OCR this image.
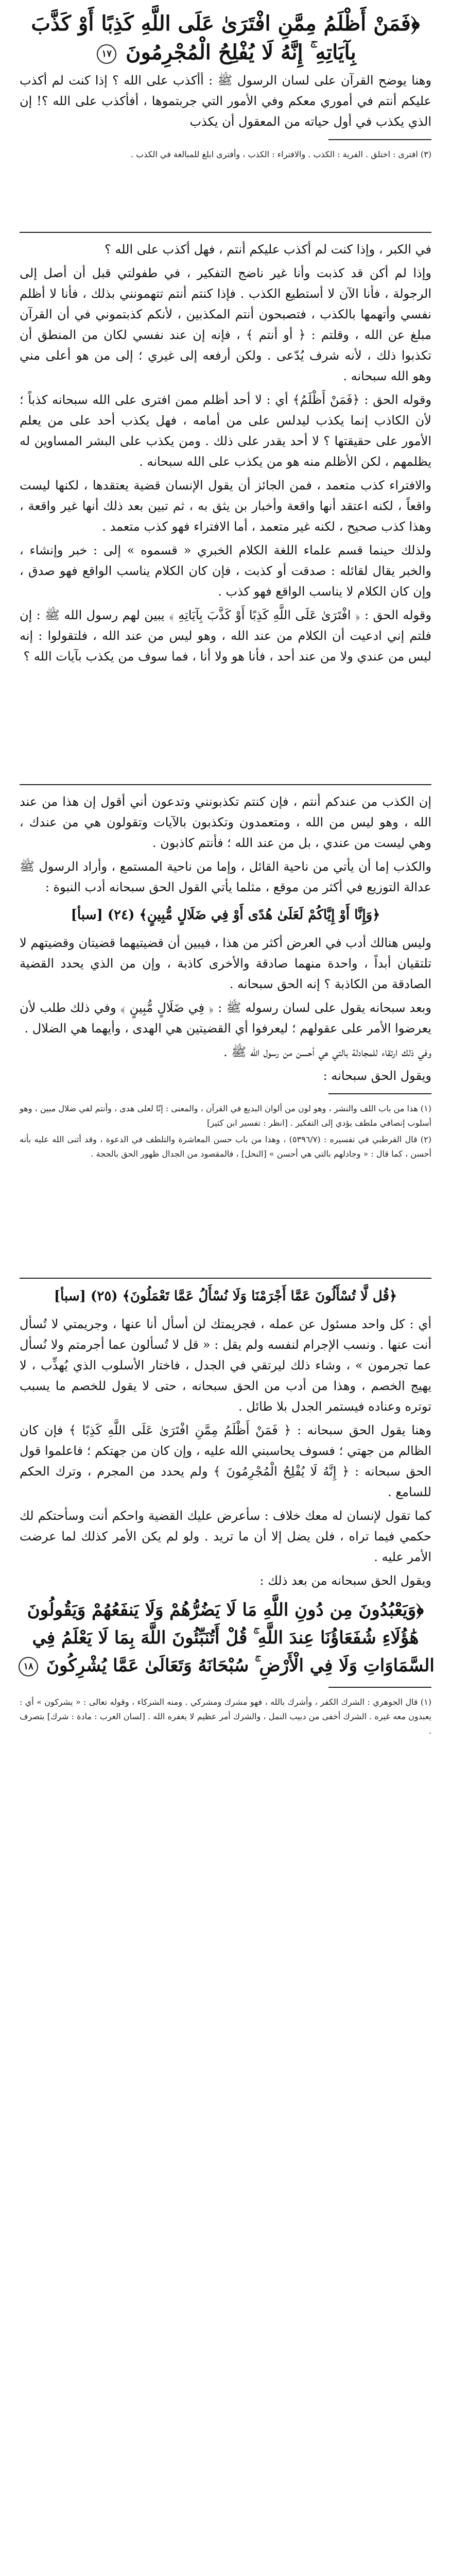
﴿فَمَنْ أَظْلَمُ مِمَّنِ افْتَرَىٰ عَلَى اللَّهِ كَذِبًا أَوْ كَذَّبَ بِآيَاتِهِ ۚ إِنَّهُ لَا يُفْلِحُ الْمُجْرِمُونَ ١٧

وهنا يوضح القرآن على لسان الرسول ﷺ : أأكذب على الله ؟ إذا كنت لم أكذب عليكم أنتم في أموري معكم وفي الأمور التي جربتموها ، أفأكذب على الله ؟! إن الذي يكذب في أول حياته من المعقول أن يكذب

(٣) افترى : اختلق . الفرية : الكذب . والافتراء : الكذب ، وأفترى ابلغ للمبالغة في الكذب .

في الكبر ، وإذا كنت لم أكذب عليكم أنتم ، فهل أكذب على الله ؟

وإذا لم أكن قد كذبت وأنا غير ناضج التفكير ، في طفولتي قبل أن أصل إلى الرجولة ، فأنا الآن لا أستطيع الكذب . فإذا كنتم أنتم تتهمونني بذلك ، فأنا لا أظلم نفسي وأتهمها بالكذب ، فتصبحون أنتم المكذبين ، لأنكم كذبتموني في أن القرآن مبلغ عن الله ، وقلتم : ﴿ أو أنتم ﴾ ، فإنه إن عند نفسي لكان من المنطق أن تكذبوا ذلك ، لأنه شرف يُدّعى . ولكن أرفعه إلى غيري ؛ إلى من هو أعلى مني وهو الله سبحانه .

وقوله الحق : ﴿فَمَنْ أَظْلَمُ﴾ أي : لا أحد أظلم ممن افترى على الله سبحانه كذباً ؛ لأن الكاذب إنما يكذب ليدلس على من أمامه ، فهل يكذب أحد على من يعلم الأمور على حقيقتها ؟ لا أحد يقدر على ذلك . ومن يكذب على البشر المساوين له يظلمهم ، لكن الأظلم منه هو من يكذب على الله سبحانه .

والافتراء كذب متعمد ، فمن الجائز أن يقول الإنسان قضية يعتقدها ، لكنها ليست واقعاً ، لكنه اعتقد أنها واقعة وأخبار بن يثق به ، ثم تبين بعد ذلك أنها غير واقعة ، وهذا كذب صحيح ، لكنه غير متعمد ، أما الافتراء فهو كذب متعمد .

ولذلك حينما قسم علماء اللغة الكلام الخبري « قسموه » إلى : خبر وإنشاء ، والخبر يقال لقائله : صدقت أو كذبت ، فإن كان الكلام يناسب الواقع فهو صدق ، وإن كان الكلام لا يناسب الواقع فهو كذب .

وقوله الحق : ﴿ افْتَرَىٰ عَلَى اللَّهِ كَذِبًا أَوْ كَذَّبَ بِآيَاتِهِ ﴾ يبين لهم رسول الله ﷺ : إن فلتم إني ادعيت أن الكلام من عند الله ، وهو ليس من عند الله ، فلتقولوا : إنه ليس من عندي ولا من عند أحد ، فأنا هو ولا أنا ، فما سوف من يكذب بآيات الله ؟

إن الكذب من عندكم أنتم ، فإن كنتم تكذبونني وتدعون أني أقول إن هذا من عند الله ، وهو ليس من الله ، ومتعمدون وتكذبون بالآيات وتقولون هي من عندك ، وهي ليست من عندي ، بل من عند الله ؛ فأنتم كاذبون .

والكذب إما أن يأتي من ناحية القائل ، وإما من ناحية المستمع ، وأراد الرسول ﷺ عدالة التوزيع في أكثر من موقع ، مثلما يأتي القول الحق سبحانه أدب النبوة :

﴿وَإِنَّا أَوْ إِيَّاكُمْ لَعَلَىٰ هُدًى أَوْ فِي ضَلَالٍ مُّبِينٍ﴾ (٢٤) [سبأ]

وليس هنالك أدب في العرض أكثر من هذا ، فيبين أن قضيتيهما قضيتان وقضيتهم لا تلتقيان أبداً ، واحدة منهما صادقة والأخرى كاذبة ، وإن من الذي يحدد القضية الصادقة من الكاذبة ؟ إنه الحق سبحانه .

وبعد سبحانه يقول على لسان رسوله ﷺ : ﴿ فِي ضَلَالٍ مُّبِينٍ ﴾ وفي ذلك طلب لأن يعرضوا الأمر على عقولهم ؛ ليعرفوا أي القضيتين هي الهدى ، وأيهما هي الضلال .

وفي ذلك ارتقاء للمجادلة بالتي هي أحسن من رسول الله ﷺ .

ويقول الحق سبحانه :

(١) هذا من باب اللف والنشر ، وهو لون من ألوان البديع في القرآن ، والمعنى : إنّا لعلى هدى ، وأنتم لفي ضلال مبين ، وهو أسلوب إنصافي ملطف يؤدي إلى التفكير . [انظر : تفسير ابن كثير]

(٢) قال القرطبي في تفسيره : (٥٣٩٦/٧) ، وهذا من باب حسن المعاشرة والتلطف في الدعوة ، وقد أثنى الله عليه بأنه أحسن ، كما قال : « وجادلهم بالتي هي أحسن » [النحل] ، فالمقصود من الجدال ظهور الحق بالحجة .

﴿قُل لَّا تُسْأَلُونَ عَمَّا أَجْرَمْنَا وَلَا نُسْأَلُ عَمَّا تَعْمَلُونَ﴾ (٢٥) [سبأ]

أي : كل واحد مسئول عن عمله ، فجريمتك لن أسأل أنا عنها ، وجريمتي لا تُسأل أنت عنها . ونسب الإجرام لنفسه ولم يقل : « قل لا تُسألون عما أجرمتم ولا نُسأل عما تجرمون » ، وشاء ذلك ليرتقي في الجدل ، فاختار الأسلوب الذي يُهذِّب ، لا يهيج الخصم ، وهذا من أدب من الحق سبحانه ، حتى لا يقول للخصم ما يسبب توتره وعناده فيستمر الجدل بلا طائل .

وهنا يقول الحق سبحانه : ﴿ فَمَنْ أَظْلَمُ مِمَّنِ افْتَرَىٰ عَلَى اللَّهِ كَذِبًا ﴾ فإن كان الظالم من جهتي ؛ فسوف يحاسبني الله عليه ، وإن كان من جهتكم ؛ فاعلموا قول الحق سبحانه : ﴿ إِنَّهُ لَا يُفْلِحُ الْمُجْرِمُونَ ﴾ ولم يحدد من المجرم ، وترك الحكم للسامع .

كما تقول لإنسان له معك خلاف : سأعرض عليك القضية واحكم أنت وسأحتكم لك حكمي فيما تراه ، فلن يضل إلا أن ما تريد . ولو لم يكن الأمر كذلك لما عرضت الأمر عليه .

ويقول الحق سبحانه من بعد ذلك :

﴿وَيَعْبُدُونَ مِن دُونِ اللَّهِ مَا لَا يَضُرُّهُمْ وَلَا يَنفَعُهُمْ وَيَقُولُونَ هَٰؤُلَاءِ شُفَعَاؤُنَا عِندَ اللَّهِ ۚ قُلْ أَتُنَبِّئُونَ اللَّهَ بِمَا لَا يَعْلَمُ فِي السَّمَاوَاتِ وَلَا فِي الْأَرْضِ ۚ سُبْحَانَهُ وَتَعَالَىٰ عَمَّا يُشْرِكُونَ ١٨

(١) قال الجوهري : الشرك الكفر ، وأشرك بالله ، فهو مشرك ومشركي . ومنه الشركاء ، وقوله تعالى : « يشركون » أي : يعبدون معه غيره . الشرك أخفى من دبيب النمل ، والشرك أمر عظيم لا يغفره الله . [لسان العرب : مادة : شرك] بتصرف .
